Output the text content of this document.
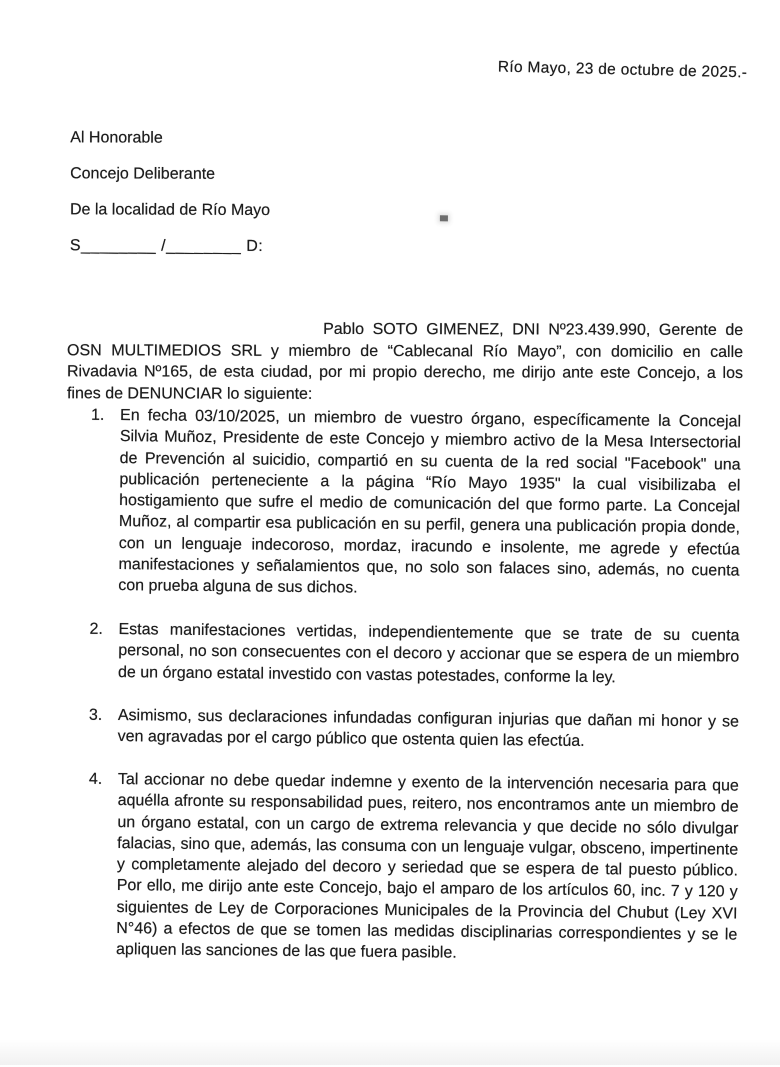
Río Mayo, 23 de octubre de 2025.-

Al Honorable

Concejo Deliberante

De la localidad de Río Mayo

S________ /________ D:

Pablo SOTO GIMENEZ, DNI Nº23.439.990, Gerente de OSN MULTIMEDIOS SRL y miembro de “Cablecanal Río Mayo”, con domicilio en calle Rivadavia Nº165, de esta ciudad, por mi propio derecho, me dirijo ante este Concejo, a los fines de DENUNCIAR lo siguiente:

1. En fecha 03/10/2025, un miembro de vuestro órgano, específicamente la Concejal Silvia Muñoz, Presidente de este Concejo y miembro activo de la Mesa Intersectorial de Prevención al suicidio, compartió en su cuenta de la red social "Facebook" una publicación perteneciente a la página “Río Mayo 1935" la cual visibilizaba el hostigamiento que sufre el medio de comunicación del que formo parte. La Concejal Muñoz, al compartir esa publicación en su perfil, genera una publicación propia donde, con un lenguaje indecoroso, mordaz, iracundo e insolente, me agrede y efectúa manifestaciones y señalamientos que, no solo son falaces sino, además, no cuenta con prueba alguna de sus dichos.
2. Estas manifestaciones vertidas, independientemente que se trate de su cuenta personal, no son consecuentes con el decoro y accionar que se espera de un miembro de un órgano estatal investido con vastas potestades, conforme la ley.
3. Asimismo, sus declaraciones infundadas configuran injurias que dañan mi honor y se ven agravadas por el cargo público que ostenta quien las efectúa.
4. Tal accionar no debe quedar indemne y exento de la intervención necesaria para que aquélla afronte su responsabilidad pues, reitero, nos encontramos ante un miembro de un órgano estatal, con un cargo de extrema relevancia y que decide no sólo divulgar falacias, sino que, además, las consuma con un lenguaje vulgar, obsceno, impertinente y completamente alejado del decoro y seriedad que se espera de tal puesto público. Por ello, me dirijo ante este Concejo, bajo el amparo de los artículos 60, inc. 7 y 120 y siguientes de Ley de Corporaciones Municipales de la Provincia del Chubut (Ley XVI N°46) a efectos de que se tomen las medidas disciplinarias correspondientes y se le apliquen las sanciones de las que fuera pasible.
